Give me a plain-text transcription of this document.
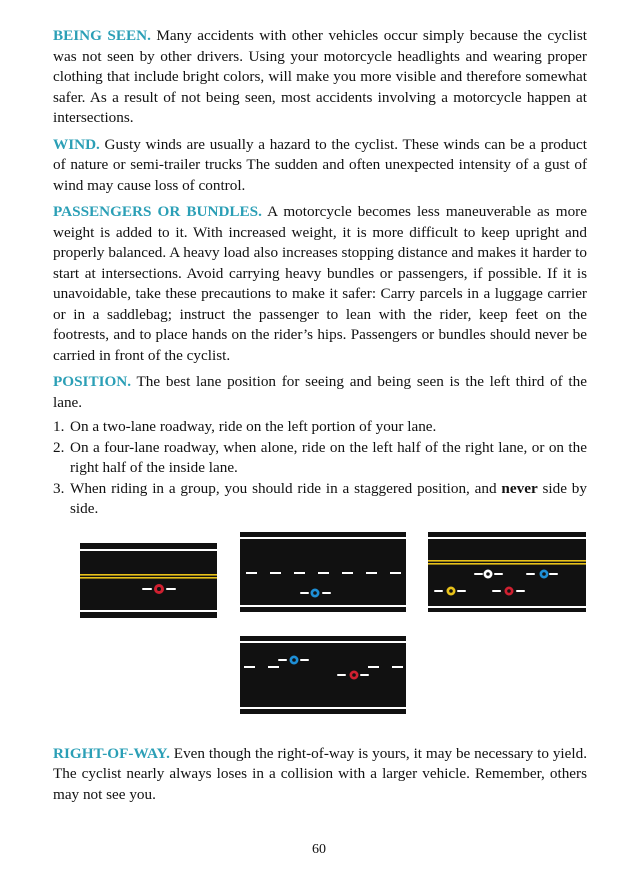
BEING SEEN. Many accidents with other vehicles occur simply because the cyclist was not seen by other drivers. Using your motorcycle headlights and wearing proper clothing that include bright colors, will make you more visible and therefore somewhat safer. As a result of not being seen, most accidents involving a motorcycle happen at intersections.

WIND. Gusty winds are usually a hazard to the cyclist. These winds can be a product of nature or semi-trailer trucks The sudden and often unexpected intensity of a gust of wind may cause loss of control.

PASSENGERS OR BUNDLES. A motorcycle becomes less maneuverable as more weight is added to it. With increased weight, it is more difficult to keep upright and properly balanced. A heavy load also increases stopping distance and makes it harder to start at intersections. Avoid carrying heavy bundles or passengers, if possible. If it is unavoidable, take these precautions to make it safer: Carry parcels in a luggage carrier or in a saddlebag; instruct the passenger to lean with the rider, keep feet on the footrests, and to place hands on the rider’s hips. Passengers or bundles should never be carried in front of the cyclist.

POSITION. The best lane position for seeing and being seen is the left third of the lane.

1. On a two-lane roadway, ride on the left portion of your lane.
2. On a four-lane roadway, when alone, ride on the left half of the right lane, or on the right half of the inside lane.
3. When riding in a group, you should ride in a staggered position, and never side by side.

RIGHT-OF-WAY. Even though the right-of-way is yours, it may be necessary to yield. The cyclist nearly always loses in a collision with a larger vehicle. Remember, others may not see you.

60
